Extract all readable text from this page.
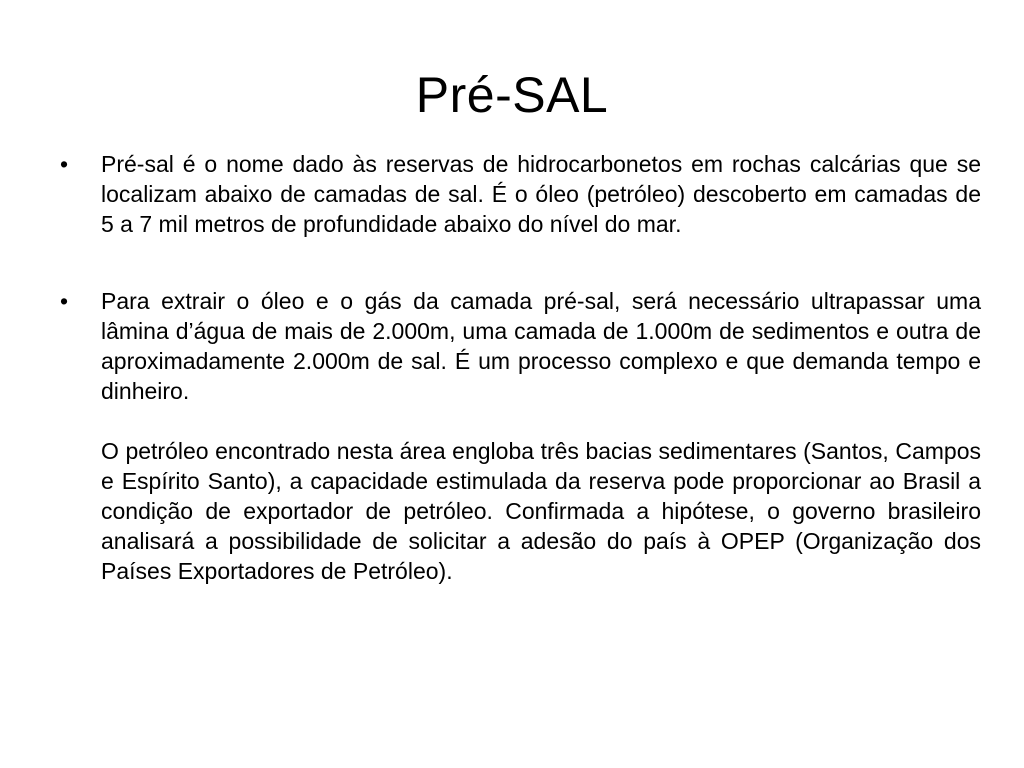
Pré-SAL
•	Pré-sal é o nome dado às reservas de hidrocarbonetos em rochas calcárias que se localizam abaixo de camadas de sal. É o óleo (petróleo) descoberto em camadas de 5 a 7 mil metros de profundidade abaixo do nível do mar.
•	Para extrair o óleo e o gás da camada pré-sal, será necessário ultrapassar uma lâmina d’água de mais de 2.000m, uma camada de 1.000m de sedimentos e outra de aproximadamente 2.000m de sal. É um processo complexo e que demanda tempo e dinheiro.
O petróleo encontrado nesta área engloba três bacias sedimentares (Santos, Campos e Espírito Santo), a capacidade estimulada da reserva pode proporcionar ao Brasil a condição de exportador de petróleo. Confirmada a hipótese, o governo brasileiro analisará a possibilidade de solicitar a adesão do país à OPEP (Organização dos Países Exportadores de Petróleo).
